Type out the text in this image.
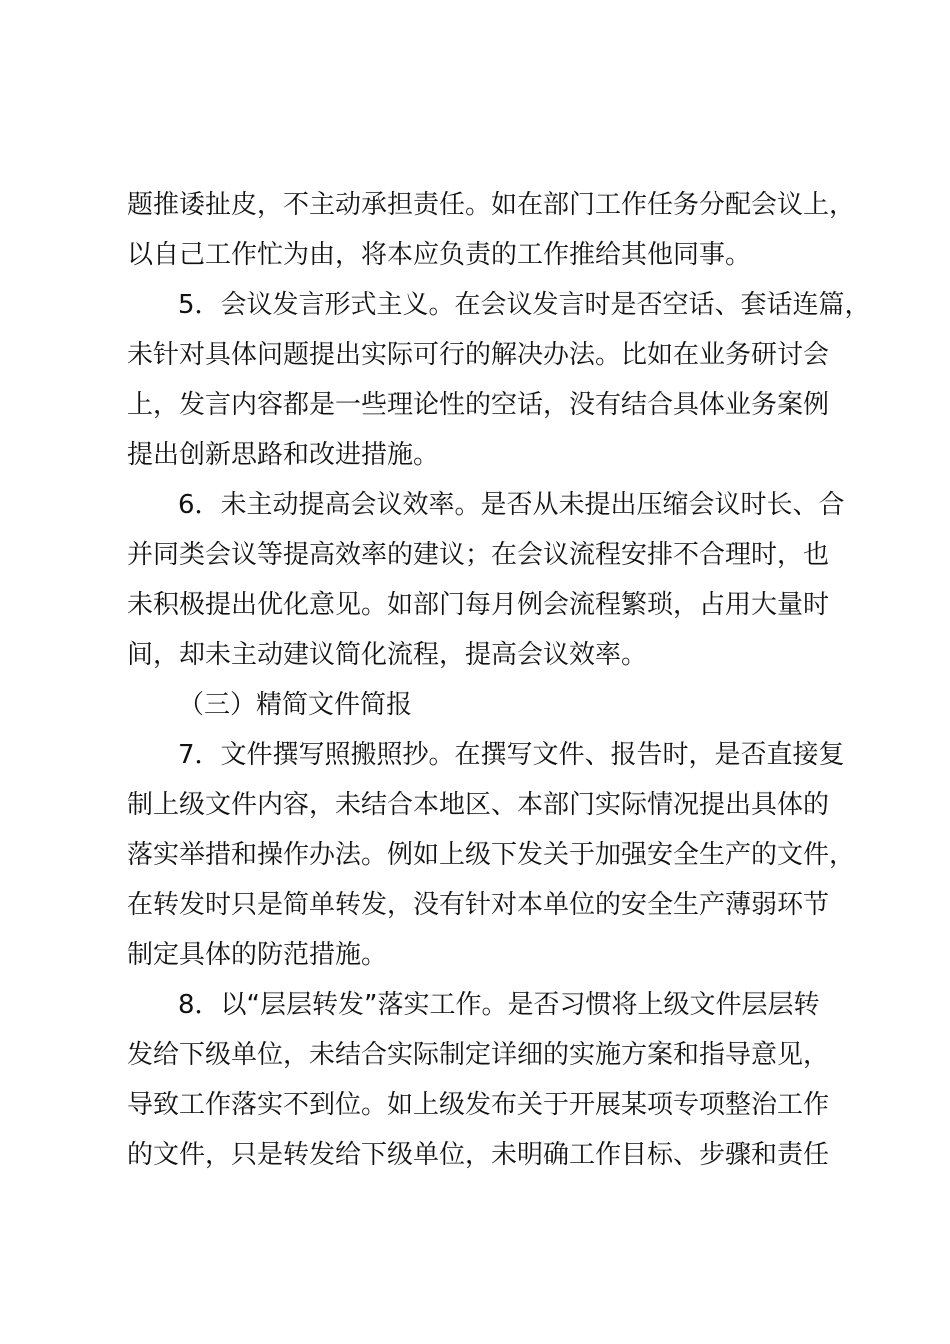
题推诿扯皮，不主动承担责任。如在部门工作任务分配会议上，
以自己工作忙为由，将本应负责的工作推给其他同事。
5．会议发言形式主义。在会议发言时是否空话、套话连篇，
未针对具体问题提出实际可行的解决办法。比如在业务研讨会
上，发言内容都是一些理论性的空话，没有结合具体业务案例
提出创新思路和改进措施。
6．未主动提高会议效率。是否从未提出压缩会议时长、合
并同类会议等提高效率的建议；在会议流程安排不合理时，也
未积极提出优化意见。如部门每月例会流程繁琐，占用大量时
间，却未主动建议简化流程，提高会议效率。
（三）精简文件简报
7．文件撰写照搬照抄。在撰写文件、报告时，是否直接复
制上级文件内容，未结合本地区、本部门实际情况提出具体的
落实举措和操作办法。例如上级下发关于加强安全生产的文件，
在转发时只是简单转发，没有针对本单位的安全生产薄弱环节
制定具体的防范措施。
8．以“层层转发”落实工作。是否习惯将上级文件层层转
发给下级单位，未结合实际制定详细的实施方案和指导意见，
导致工作落实不到位。如上级发布关于开展某项专项整治工作
的文件，只是转发给下级单位，未明确工作目标、步骤和责任
